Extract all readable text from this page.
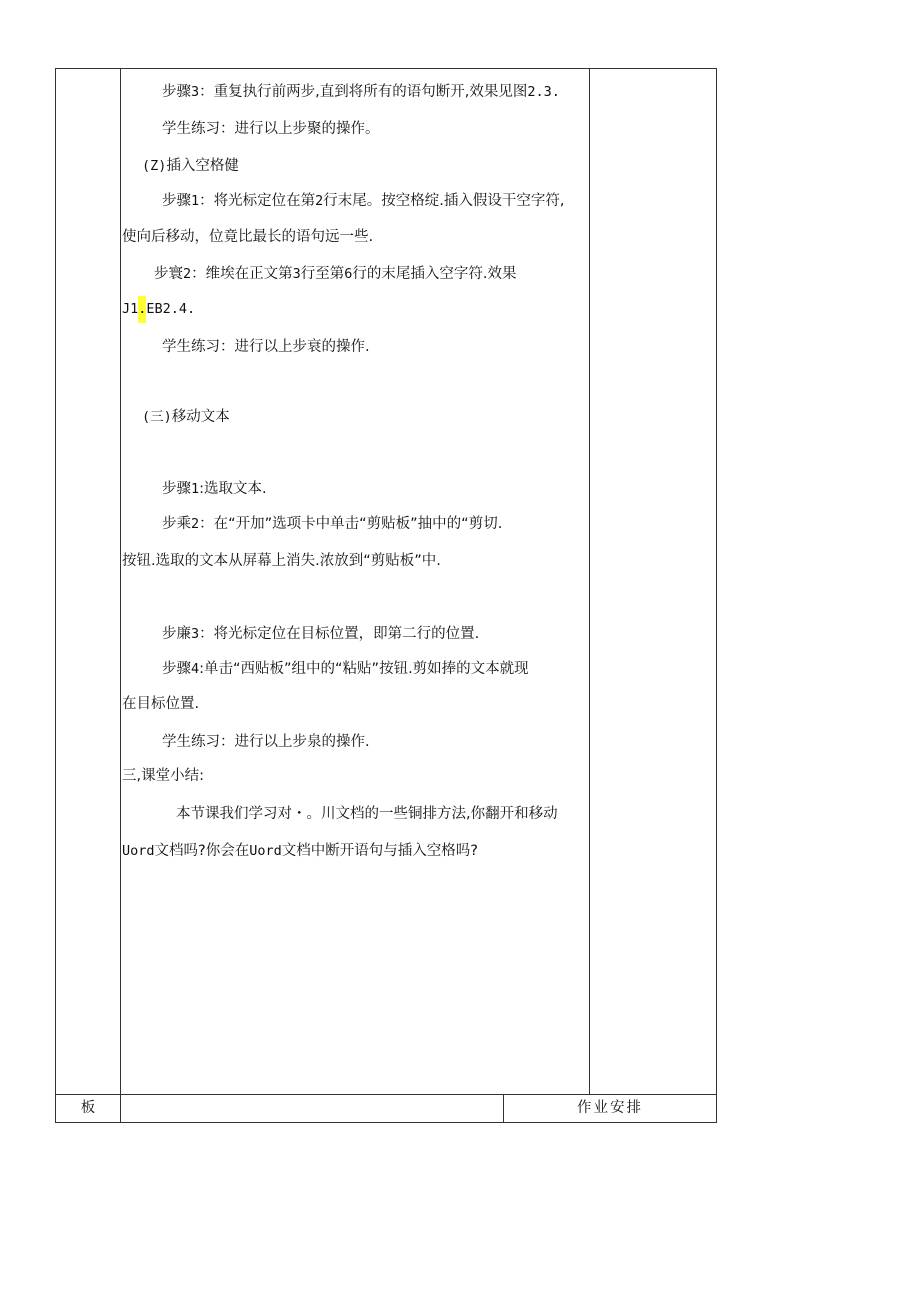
步骤3：重复执行前两步,直到将所有的语句断开,效果见图2.3.
学生练习：进行以上步聚的操作。
(Z)插入空格健
步骤1：将光标定位在第2行末尾。按空格绽.插入假设干空字符,
使向后移动，位竟比最长的语句远一些.
步寰2：维埃在正文第3行至第6行的末尾插入空字符.效果
J1.EB2.4.
学生练习：进行以上步衰的操作.
(三)移动文本
步骤1:选取文本.
步乘2：在“开加”选项卡中单击“剪贴板”抽中的“剪切.
按钮.选取的文本从屏幕上消失.浓放到“剪贴板”中.
步廉3：将光标定位在目标位置，即第二行的位置.
步骤4:单击“西贴板”组中的“粘贴”按钮.剪如捧的文本就现
在目标位置.
学生练习：进行以上步泉的操作.
三,课堂小结:
本节课我们学习对・。川文档的一些铜排方法,你翻开和移动
Uord文档吗?你会在Uord文档中断开语句与插入空格吗?
板	作业安排
